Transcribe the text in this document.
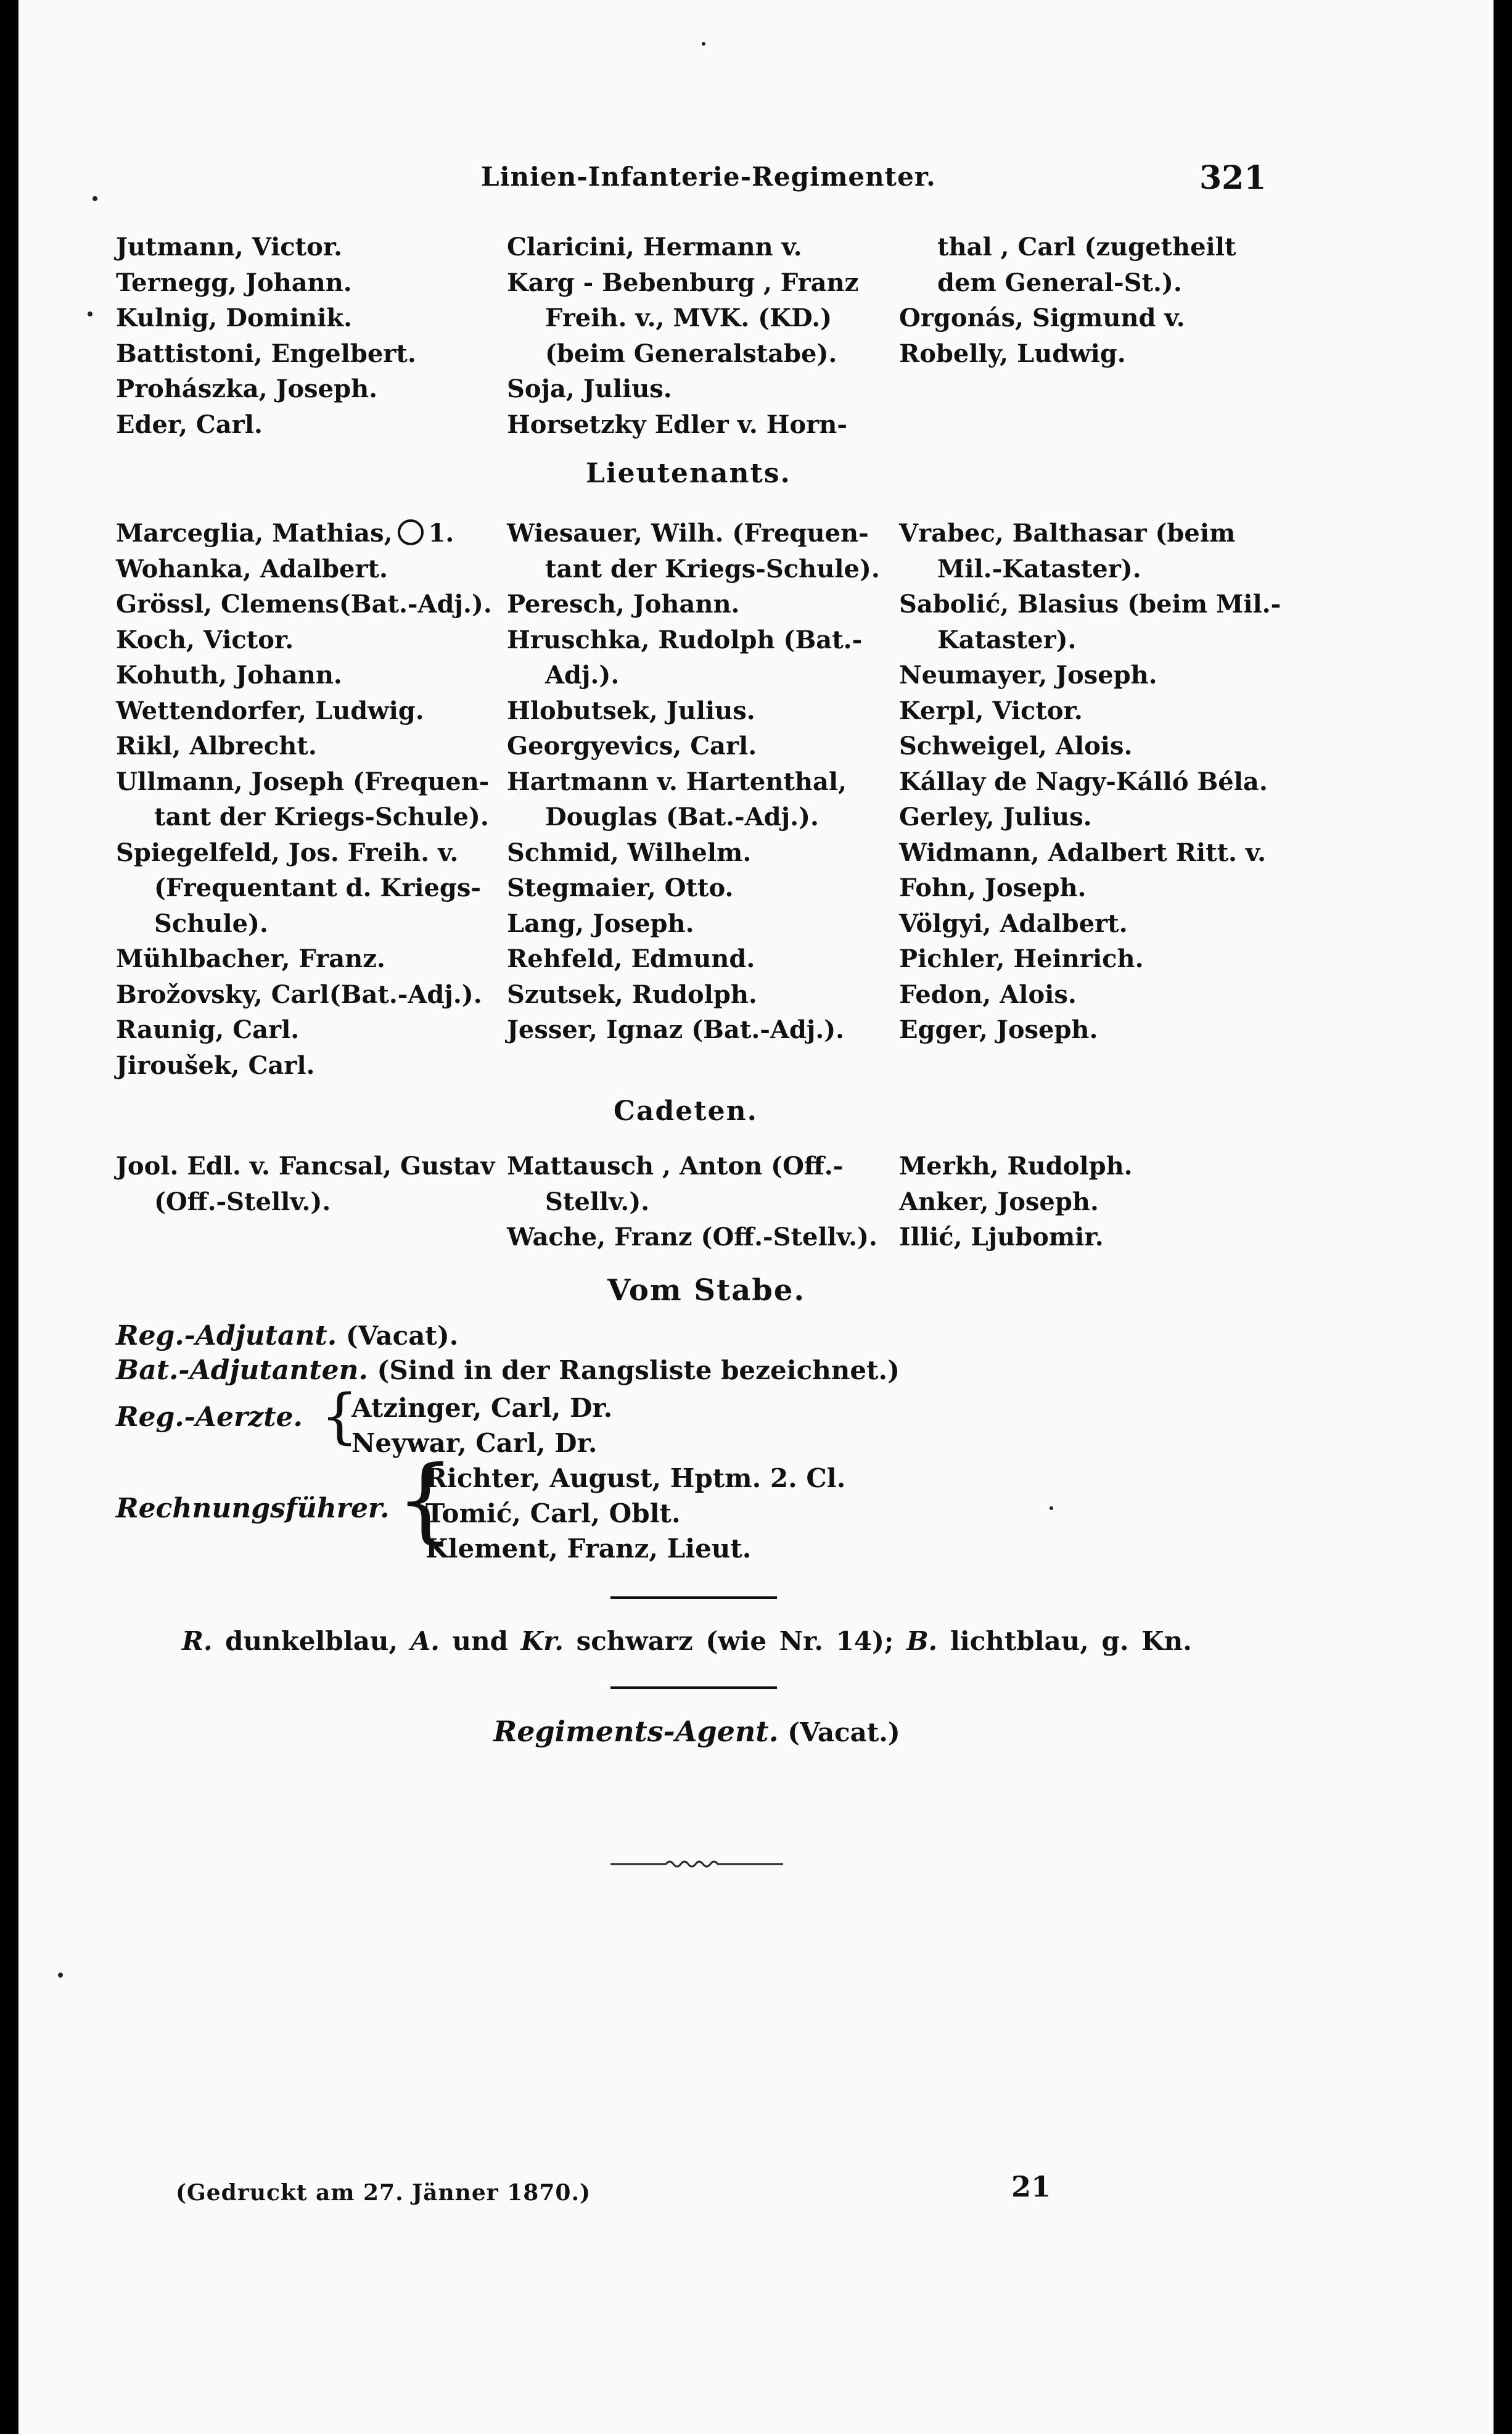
Linien-Infanterie-Regimenter.	321
Jutmann, Victor.
Ternegg, Johann.
Kulnig, Dominik.
Battistoni, Engelbert.
Prohászka, Joseph.
Eder, Carl.
Claricini, Hermann v.
Karg - Bebenburg , Franz
Freih. v., MVK. (KD.)
(beim Generalstabe).
Soja, Julius.
Horsetzky Edler v. Horn-
thal , Carl (zugetheilt
dem General-St.).
Orgonás, Sigmund v.
Robelly, Ludwig.
Lieutenants.
Marceglia, Mathias, 1.
Wohanka, Adalbert.
Grössl, Clemens(Bat.-Adj.).
Koch, Victor.
Kohuth, Johann.
Wettendorfer, Ludwig.
Rikl, Albrecht.
Ullmann, Joseph (Frequen-
tant der Kriegs-Schule).
Spiegelfeld, Jos. Freih. v.
(Frequentant d. Kriegs-
Schule).
Mühlbacher, Franz.
Brožovsky, Carl(Bat.-Adj.).
Raunig, Carl.
Jiroušek, Carl.
Wiesauer, Wilh. (Frequen-
tant der Kriegs-Schule).
Peresch, Johann.
Hruschka, Rudolph (Bat.-
Adj.).
Hlobutsek, Julius.
Georgyevics, Carl.
Hartmann v. Hartenthal,
Douglas (Bat.-Adj.).
Schmid, Wilhelm.
Stegmaier, Otto.
Lang, Joseph.
Rehfeld, Edmund.
Szutsek, Rudolph.
Jesser, Ignaz (Bat.-Adj.).
Vrabec, Balthasar (beim
Mil.-Kataster).
Sabolić, Blasius (beim Mil.-
Kataster).
Neumayer, Joseph.
Kerpl, Victor.
Schweigel, Alois.
Kállay de Nagy-Kálló Béla.
Gerley, Julius.
Widmann, Adalbert Ritt. v.
Fohn, Joseph.
Völgyi, Adalbert.
Pichler, Heinrich.
Fedon, Alois.
Egger, Joseph.
Cadeten.
Jool. Edl. v. Fancsal, Gustav
(Off.-Stellv.).
Mattausch , Anton (Off.-
Stellv.).
Wache, Franz (Off.-Stellv.).
Merkh, Rudolph.
Anker, Joseph.
Illić, Ljubomir.
Vom Stabe.
Reg.-Adjutant. (Vacat).
Bat.-Adjutanten. (Sind in der Rangsliste bezeichnet.)
Reg.-Aerzte. {
Atzinger, Carl, Dr.
Neywar, Carl, Dr.
Rechnungsführer. {
Richter, August, Hptm. 2. Cl.
Tomić, Carl, Oblt.
Klement, Franz, Lieut.
R. dunkelblau, A. und Kr. schwarz (wie Nr. 14); B. lichtblau, g. Kn.
Regiments-Agent. (Vacat.)
(Gedruckt am 27. Jänner 1870.)	21
